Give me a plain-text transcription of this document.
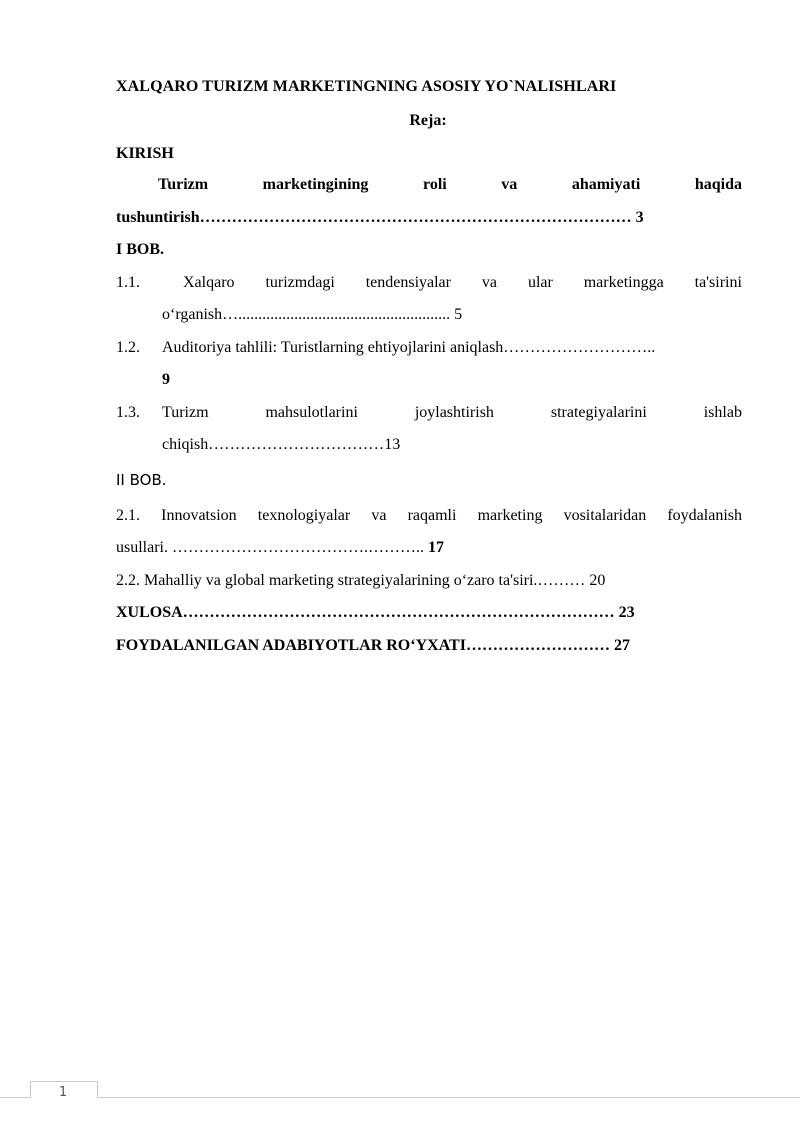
XALQARO TURIZM MARKETINGNING ASOSIY YO`NALISHLARI
Reja:
KIRISH
Turizm	marketingining	roli	va	ahamiyati	haqida
tushuntirish……………………………………………………………………… 3
I BOB.
1.1.	Xalqaro turizmdagi tendensiyalar va ular marketingga ta'sirini
o‘rganish…..................................................... 5
1.2. Auditoriya tahlili: Turistlarning ehtiyojlarini aniqlash………………………..
9
1.3. Turizm	mahsulotlarini	joylashtirish	strategiyalarini	ishlab
chiqish……………………………13
II BOB.
2.1. Innovatsion texnologiyalar va raqamli marketing vositalaridan foydalanish
usullari. ……………………………….……….. 17
2.2. Mahalliy va global marketing strategiyalarining o‘zaro ta'siri.……… 20
XULOSA……………………………………………………………………… 23
FOYDALANILGAN ADABIYOTLAR RO‘YXATI……………………… 27
1
